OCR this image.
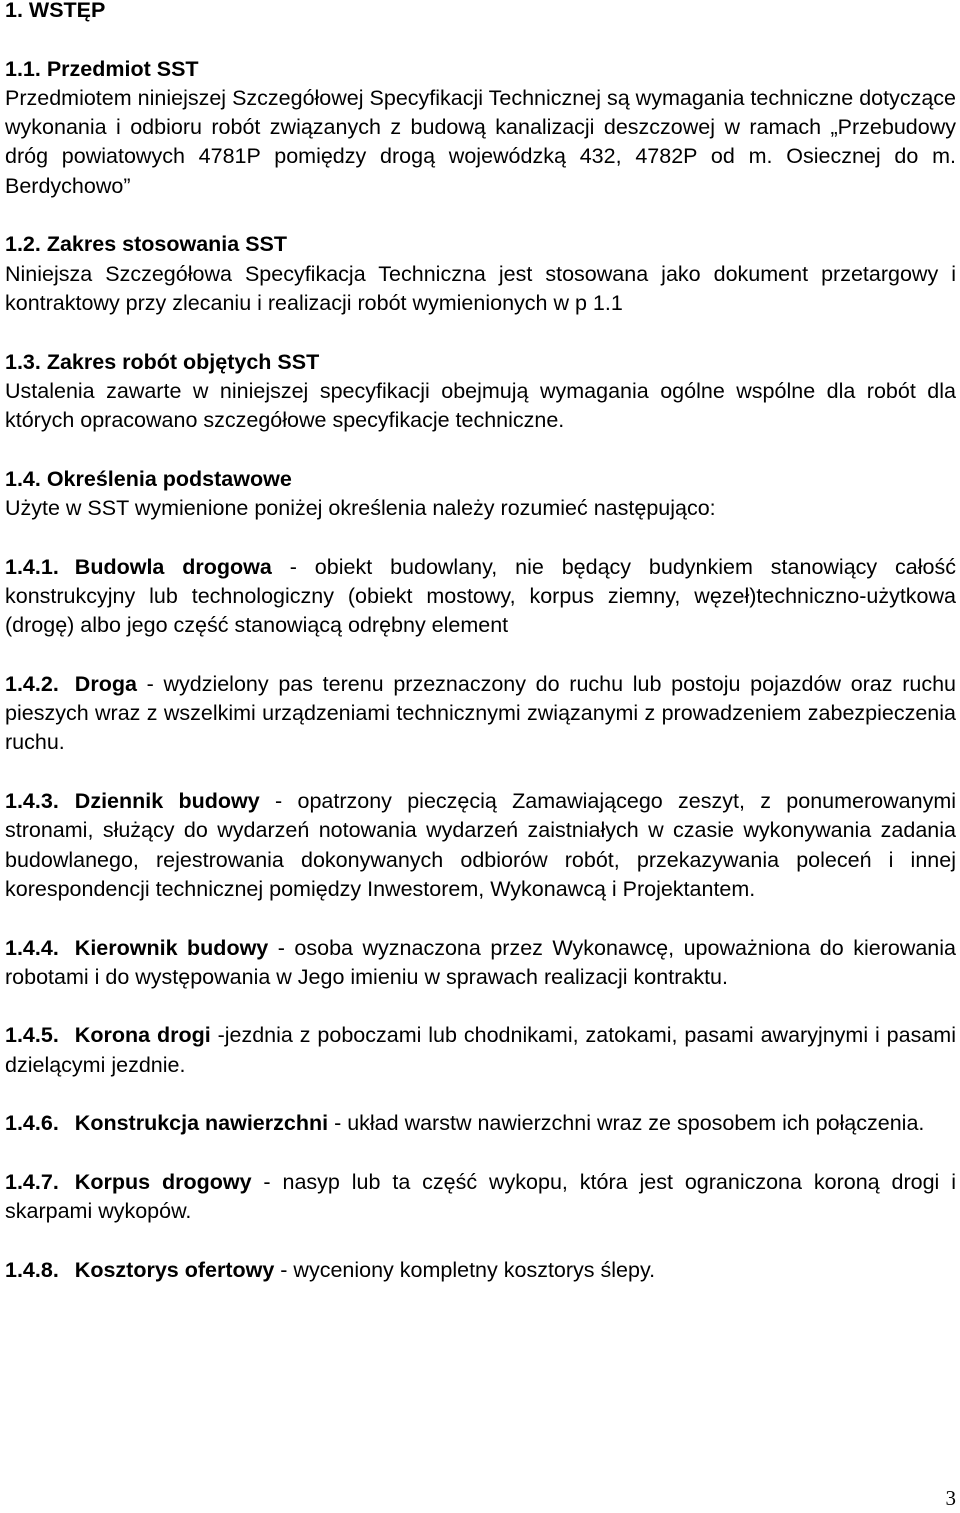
1. WSTĘP

1.1. Przedmiot SST

Przedmiotem niniejszej Szczegółowej Specyfikacji Technicznej są wymagania techniczne dotyczące wykonania i odbioru robót związanych z budową kanalizacji deszczowej w ramach „Przebudowy dróg powiatowych 4781P pomiędzy drogą wojewódzką 432, 4782P od m. Osiecznej do m. Berdychowo”

1.2. Zakres stosowania SST

Niniejsza Szczegółowa Specyfikacja Techniczna jest stosowana jako dokument przetargowy i kontraktowy przy zlecaniu i realizacji robót wymienionych w p 1.1

1.3. Zakres robót objętych SST

Ustalenia zawarte w niniejszej specyfikacji obejmują wymagania ogólne wspólne dla robót dla których opracowano szczegółowe specyfikacje techniczne.

1.4. Określenia podstawowe

Użyte w SST wymienione poniżej określenia należy rozumieć następująco:

1.4.1. Budowla drogowa - obiekt budowlany, nie będący budynkiem stanowiący całość konstrukcyjny lub technologiczny (obiekt mostowy, korpus ziemny, węzeł)techniczno-użytkowa (drogę) albo jego część stanowiącą odrębny element

1.4.2. Droga - wydzielony pas terenu przeznaczony do ruchu lub postoju pojazdów oraz ruchu pieszych wraz z wszelkimi urządzeniami technicznymi związanymi z prowadzeniem zabezpieczenia ruchu.

1.4.3. Dziennik budowy - opatrzony pieczęcią Zamawiającego zeszyt, z ponumerowanymi stronami, służący do wydarzeń notowania wydarzeń zaistniałych w czasie wykonywania zadania budowlanego, rejestrowania dokonywanych odbiorów robót, przekazywania poleceń i innej korespondencji technicznej pomiędzy Inwestorem, Wykonawcą i Projektantem.

1.4.4. Kierownik budowy - osoba wyznaczona przez Wykonawcę, upoważniona do kierowania robotami i do występowania w Jego imieniu w sprawach realizacji kontraktu.

1.4.5. Korona drogi -jezdnia z poboczami lub chodnikami, zatokami, pasami awaryjnymi i pasami dzielącymi jezdnie.

1.4.6. Konstrukcja nawierzchni - układ warstw nawierzchni wraz ze sposobem ich połączenia.

1.4.7. Korpus drogowy - nasyp lub ta część wykopu, która jest ograniczona koroną drogi i skarpami wykopów.

1.4.8. Kosztorys ofertowy - wyceniony kompletny kosztorys ślepy.

3
